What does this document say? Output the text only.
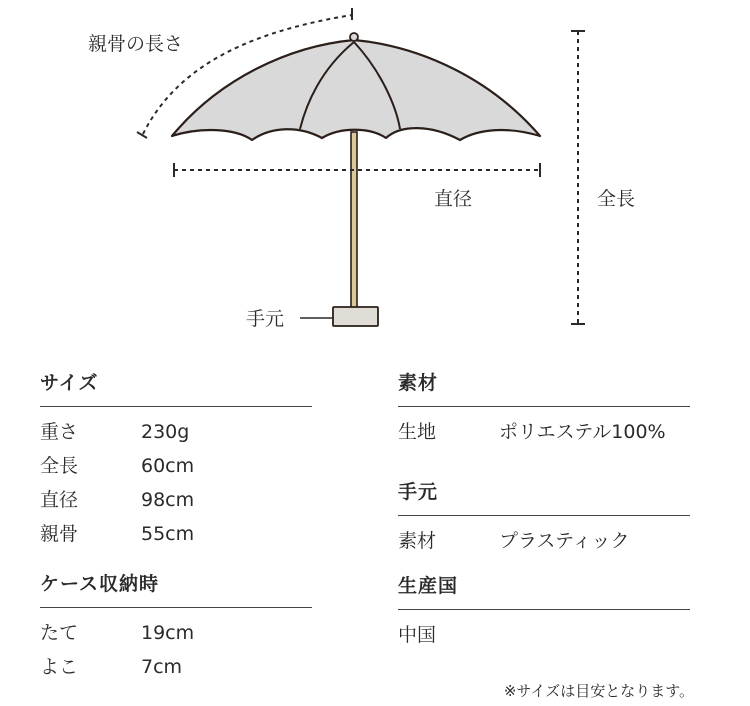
親骨の長さ
直径	全長
手元
サイズ
重さ	230g
全長	60cm
直径	98cm
親骨	55cm
ケース収納時
たて	19cm
よこ	7cm
素材
生地	ポリエステル100%
手元
素材	プラスティック
生産国
中国
※サイズは目安となります。
